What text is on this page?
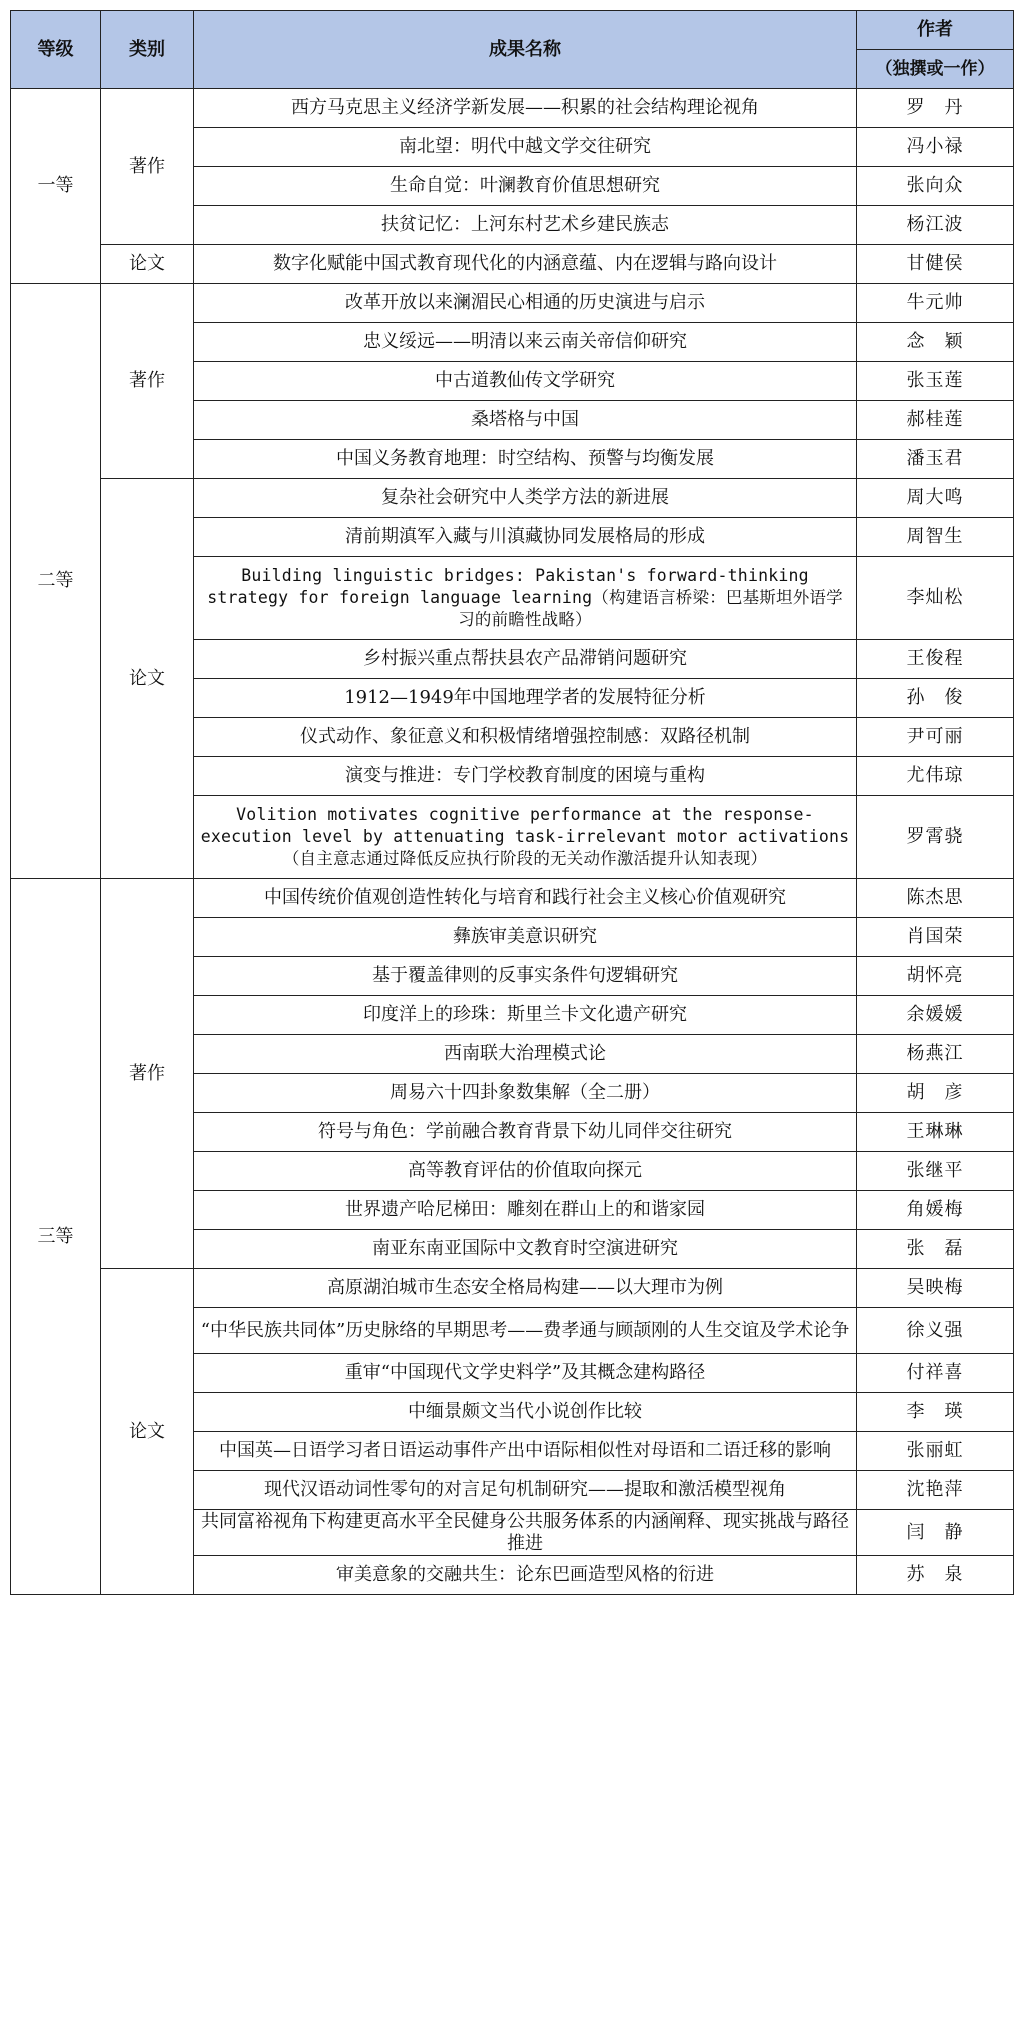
等级	类别	成果名称	作者
			（独撰或一作）
一等	著作	西方马克思主义经济学新发展——积累的社会结构理论视角	罗　丹
		南北望：明代中越文学交往研究	冯小禄
		生命自觉：叶澜教育价值思想研究	张向众
		扶贫记忆：上河东村艺术乡建民族志	杨江波
	论文	数字化赋能中国式教育现代化的内涵意蕴、内在逻辑与路向设计	甘健侯
二等	著作	改革开放以来澜湄民心相通的历史演进与启示	牛元帅
		忠义绥远——明清以来云南关帝信仰研究	念　颖
		中古道教仙传文学研究	张玉莲
		桑塔格与中国	郝桂莲
		中国义务教育地理：时空结构、预警与均衡发展	潘玉君
	论文	复杂社会研究中人类学方法的新进展	周大鸣
		清前期滇军入藏与川滇藏协同发展格局的形成	周智生
		Building linguistic bridges: Pakistan's forward-thinking strategy for foreign language learning（构建语言桥梁：巴基斯坦外语学习的前瞻性战略）	李灿松
		乡村振兴重点帮扶县农产品滞销问题研究	王俊程
		1912—1949年中国地理学者的发展特征分析	孙　俊
		仪式动作、象征意义和积极情绪增强控制感：双路径机制	尹可丽
		演变与推进：专门学校教育制度的困境与重构	尤伟琼
		Volition motivates cognitive performance at the response-execution level by attenuating task-irrelevant motor activations（自主意志通过降低反应执行阶段的无关动作激活提升认知表现）	罗霄骁
三等	著作	中国传统价值观创造性转化与培育和践行社会主义核心价值观研究	陈杰思
		彝族审美意识研究	肖国荣
		基于覆盖律则的反事实条件句逻辑研究	胡怀亮
		印度洋上的珍珠：斯里兰卡文化遗产研究	余媛媛
		西南联大治理模式论	杨燕江
		周易六十四卦象数集解（全二册）	胡　彦
		符号与角色：学前融合教育背景下幼儿同伴交往研究	王琳琳
		高等教育评估的价值取向探元	张继平
		世界遗产哈尼梯田：雕刻在群山上的和谐家园	角媛梅
		南亚东南亚国际中文教育时空演进研究	张　磊
	论文	高原湖泊城市生态安全格局构建——以大理市为例	吴映梅
		“中华民族共同体”历史脉络的早期思考——费孝通与顾颉刚的人生交谊及学术论争	徐义强
		重审“中国现代文学史料学”及其概念建构路径	付祥喜
		中缅景颇文当代小说创作比较	李　瑛
		中国英—日语学习者日语运动事件产出中语际相似性对母语和二语迁移的影响	张丽虹
		现代汉语动词性零句的对言足句机制研究——提取和激活模型视角	沈艳萍
		共同富裕视角下构建更高水平全民健身公共服务体系的内涵阐释、现实挑战与路径推进	闫　静
		审美意象的交融共生：论东巴画造型风格的衍进	苏　泉
